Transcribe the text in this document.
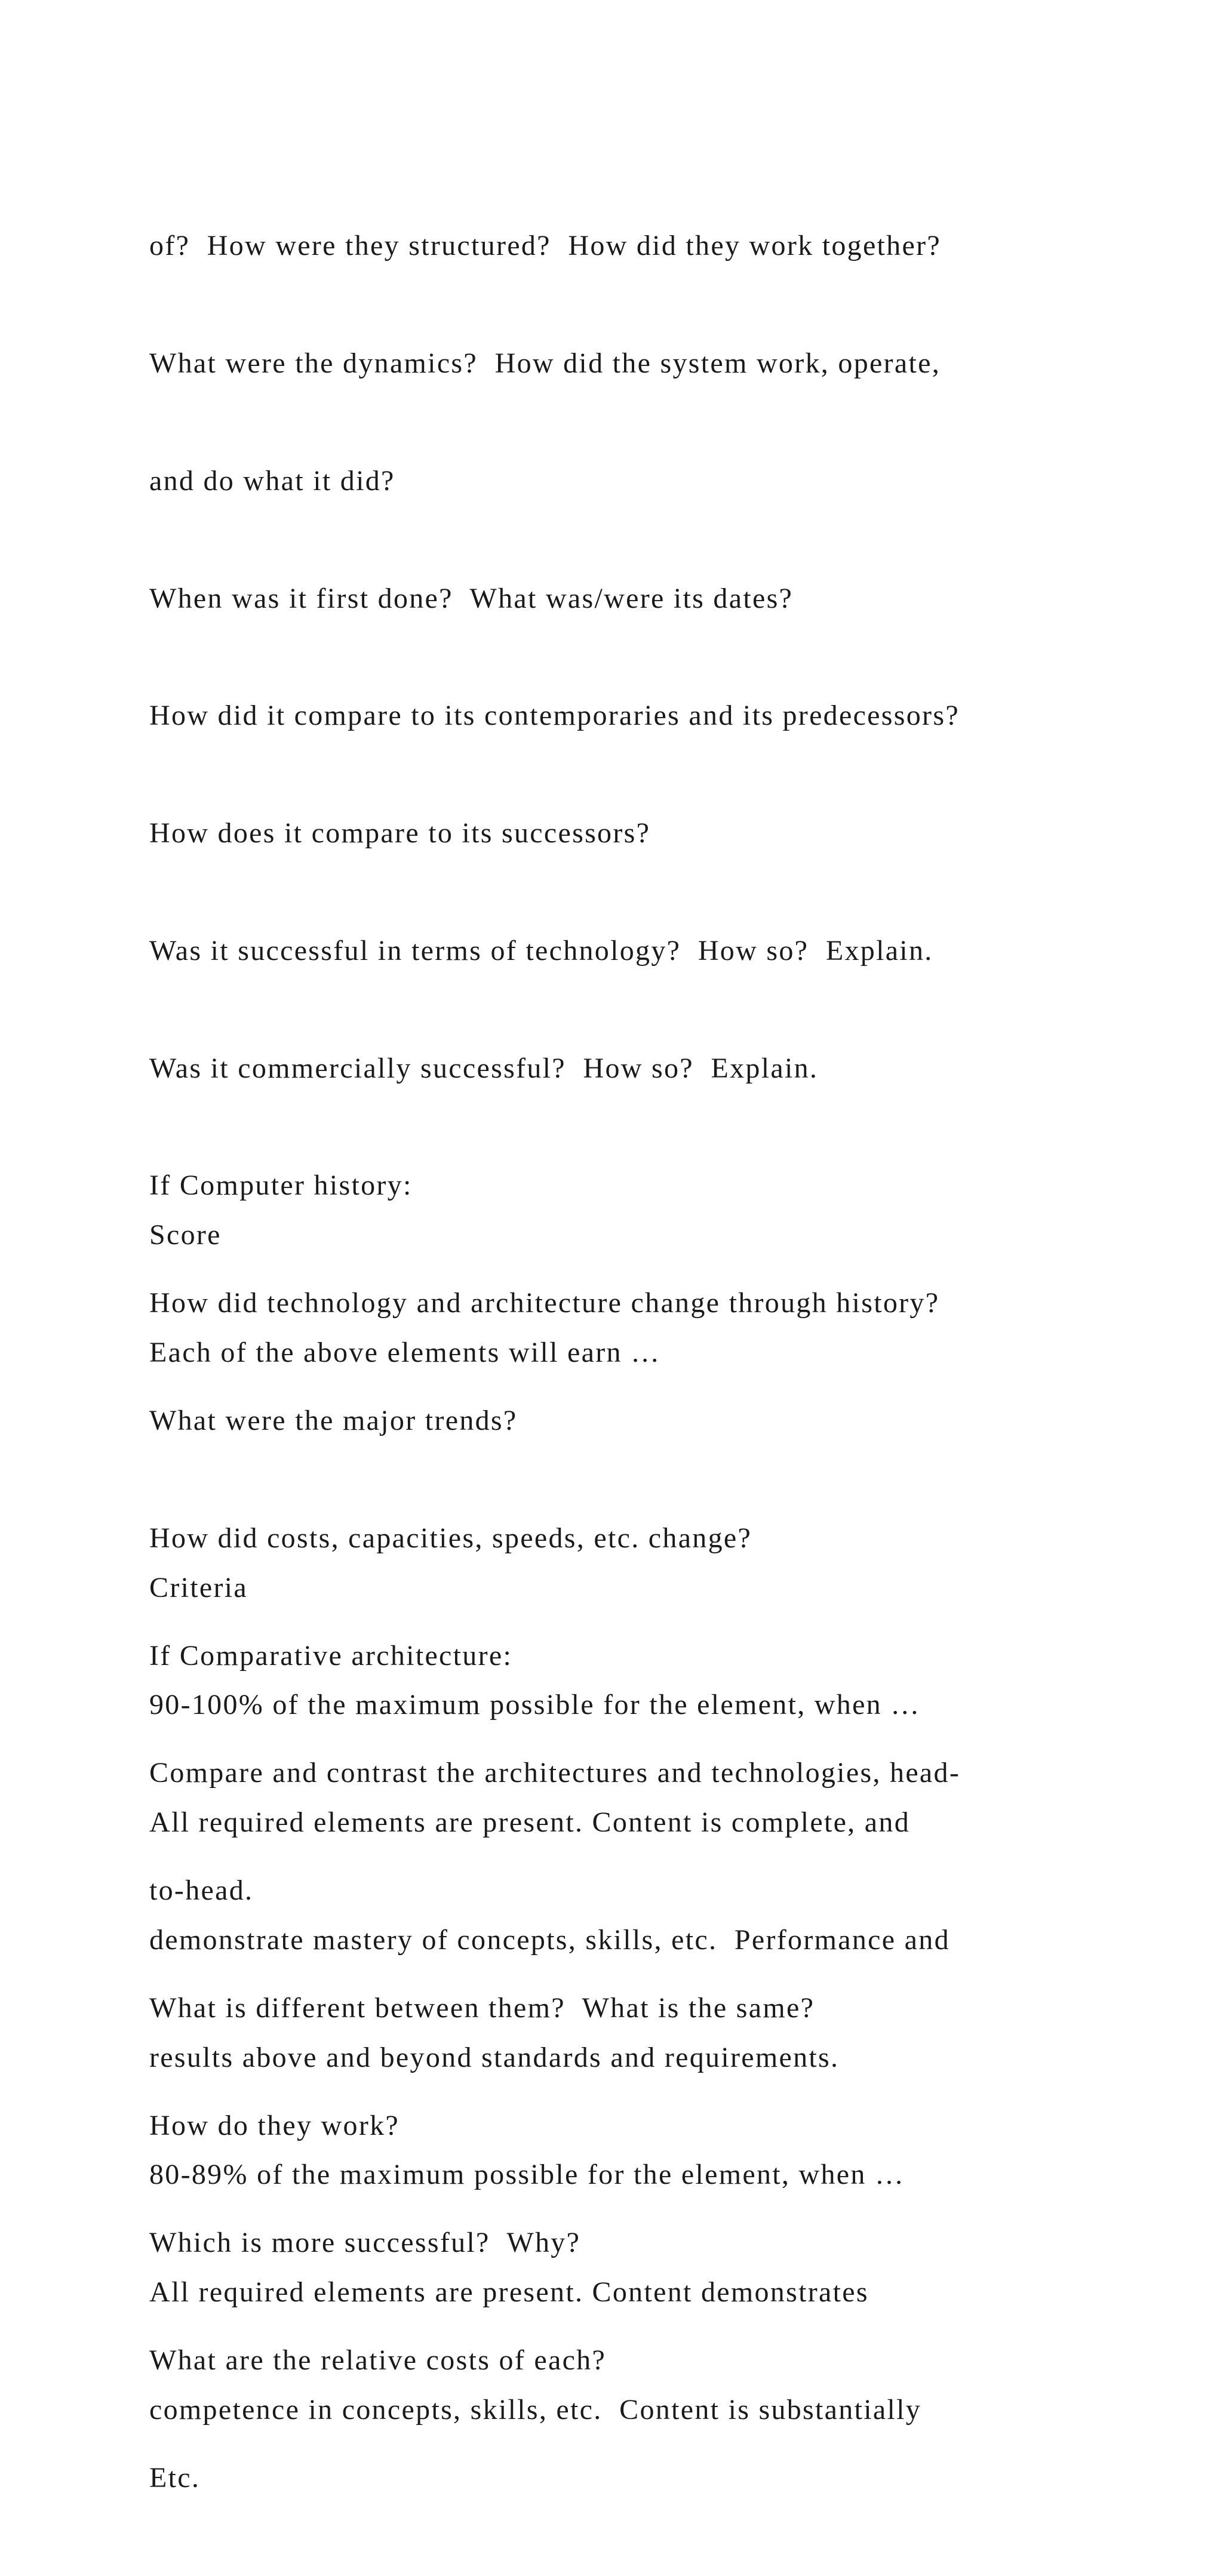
of?  How were they structured?  How did they work together?

What were the dynamics?  How did the system work, operate,

and do what it did?

When was it first done?  What was/were its dates?

How did it compare to its contemporaries and its predecessors?

How does it compare to its successors?

Was it successful in terms of technology?  How so?  Explain.

Was it commercially successful?  How so?  Explain.

If Computer history:

How did technology and architecture change through history?

What were the major trends?

How did costs, capacities, speeds, etc. change?

If Comparative architecture:

Compare and contrast the architectures and technologies, head-

to-head.

What is different between them?  What is the same?

How do they work?

Which is more successful?  Why?

What are the relative costs of each?

Etc.

Score

Each of the above elements will earn …

Criteria

90-100% of the maximum possible for the element, when …

All required elements are present. Content is complete, and

demonstrate mastery of concepts, skills, etc.  Performance and

results above and beyond standards and requirements.

80-89% of the maximum possible for the element, when …

All required elements are present. Content demonstrates

competence in concepts, skills, etc.  Content is substantially
